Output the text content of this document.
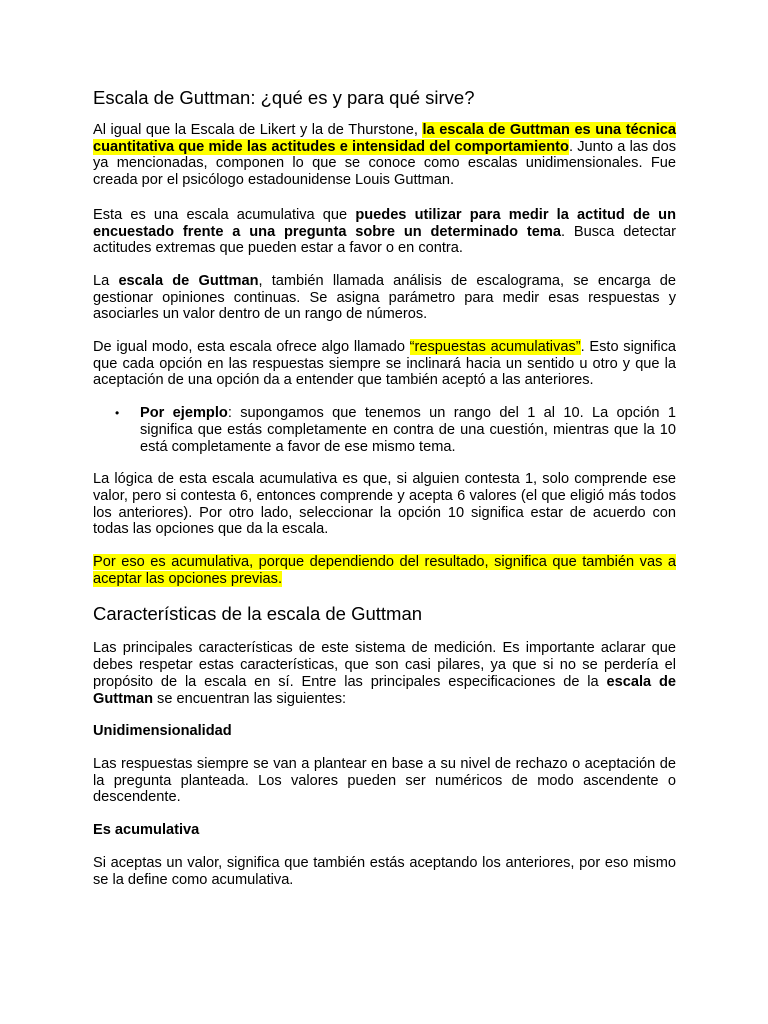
Escala de Guttman: ¿qué es y para qué sirve?

Al igual que la Escala de Likert y la de Thurstone, la escala de Guttman es una técnica cuantitativa que mide las actitudes e intensidad del comportamiento. Junto a las dos ya mencionadas, componen lo que se conoce como escalas unidimensionales. Fue creada por el psicólogo estadounidense Louis Guttman.

Esta es una escala acumulativa que puedes utilizar para medir la actitud de un encuestado frente a una pregunta sobre un determinado tema. Busca detectar actitudes extremas que pueden estar a favor o en contra.

La escala de Guttman, también llamada análisis de escalograma, se encarga de gestionar opiniones continuas. Se asigna parámetro para medir esas respuestas y asociarles un valor dentro de un rango de números.

De igual modo, esta escala ofrece algo llamado “respuestas acumulativas”. Esto significa que cada opción en las respuestas siempre se inclinará hacia un sentido u otro y que la aceptación de una opción da a entender que también aceptó a las anteriores.

• Por ejemplo: supongamos que tenemos un rango del 1 al 10. La opción 1 significa que estás completamente en contra de una cuestión, mientras que la 10 está completamente a favor de ese mismo tema.

La lógica de esta escala acumulativa es que, si alguien contesta 1, solo comprende ese valor, pero si contesta 6, entonces comprende y acepta 6 valores (el que eligió más todos los anteriores). Por otro lado, seleccionar la opción 10 significa estar de acuerdo con todas las opciones que da la escala.

Por eso es acumulativa, porque dependiendo del resultado, significa que también vas a aceptar las opciones previas.

Características de la escala de Guttman

Las principales características de este sistema de medición. Es importante aclarar que debes respetar estas características, que son casi pilares, ya que si no se perdería el propósito de la escala en sí. Entre las principales especificaciones de la escala de Guttman se encuentran las siguientes:

Unidimensionalidad

Las respuestas siempre se van a plantear en base a su nivel de rechazo o aceptación de la pregunta planteada. Los valores pueden ser numéricos de modo ascendente o descendente.

Es acumulativa

Si aceptas un valor, significa que también estás aceptando los anteriores, por eso mismo se la define como acumulativa.
